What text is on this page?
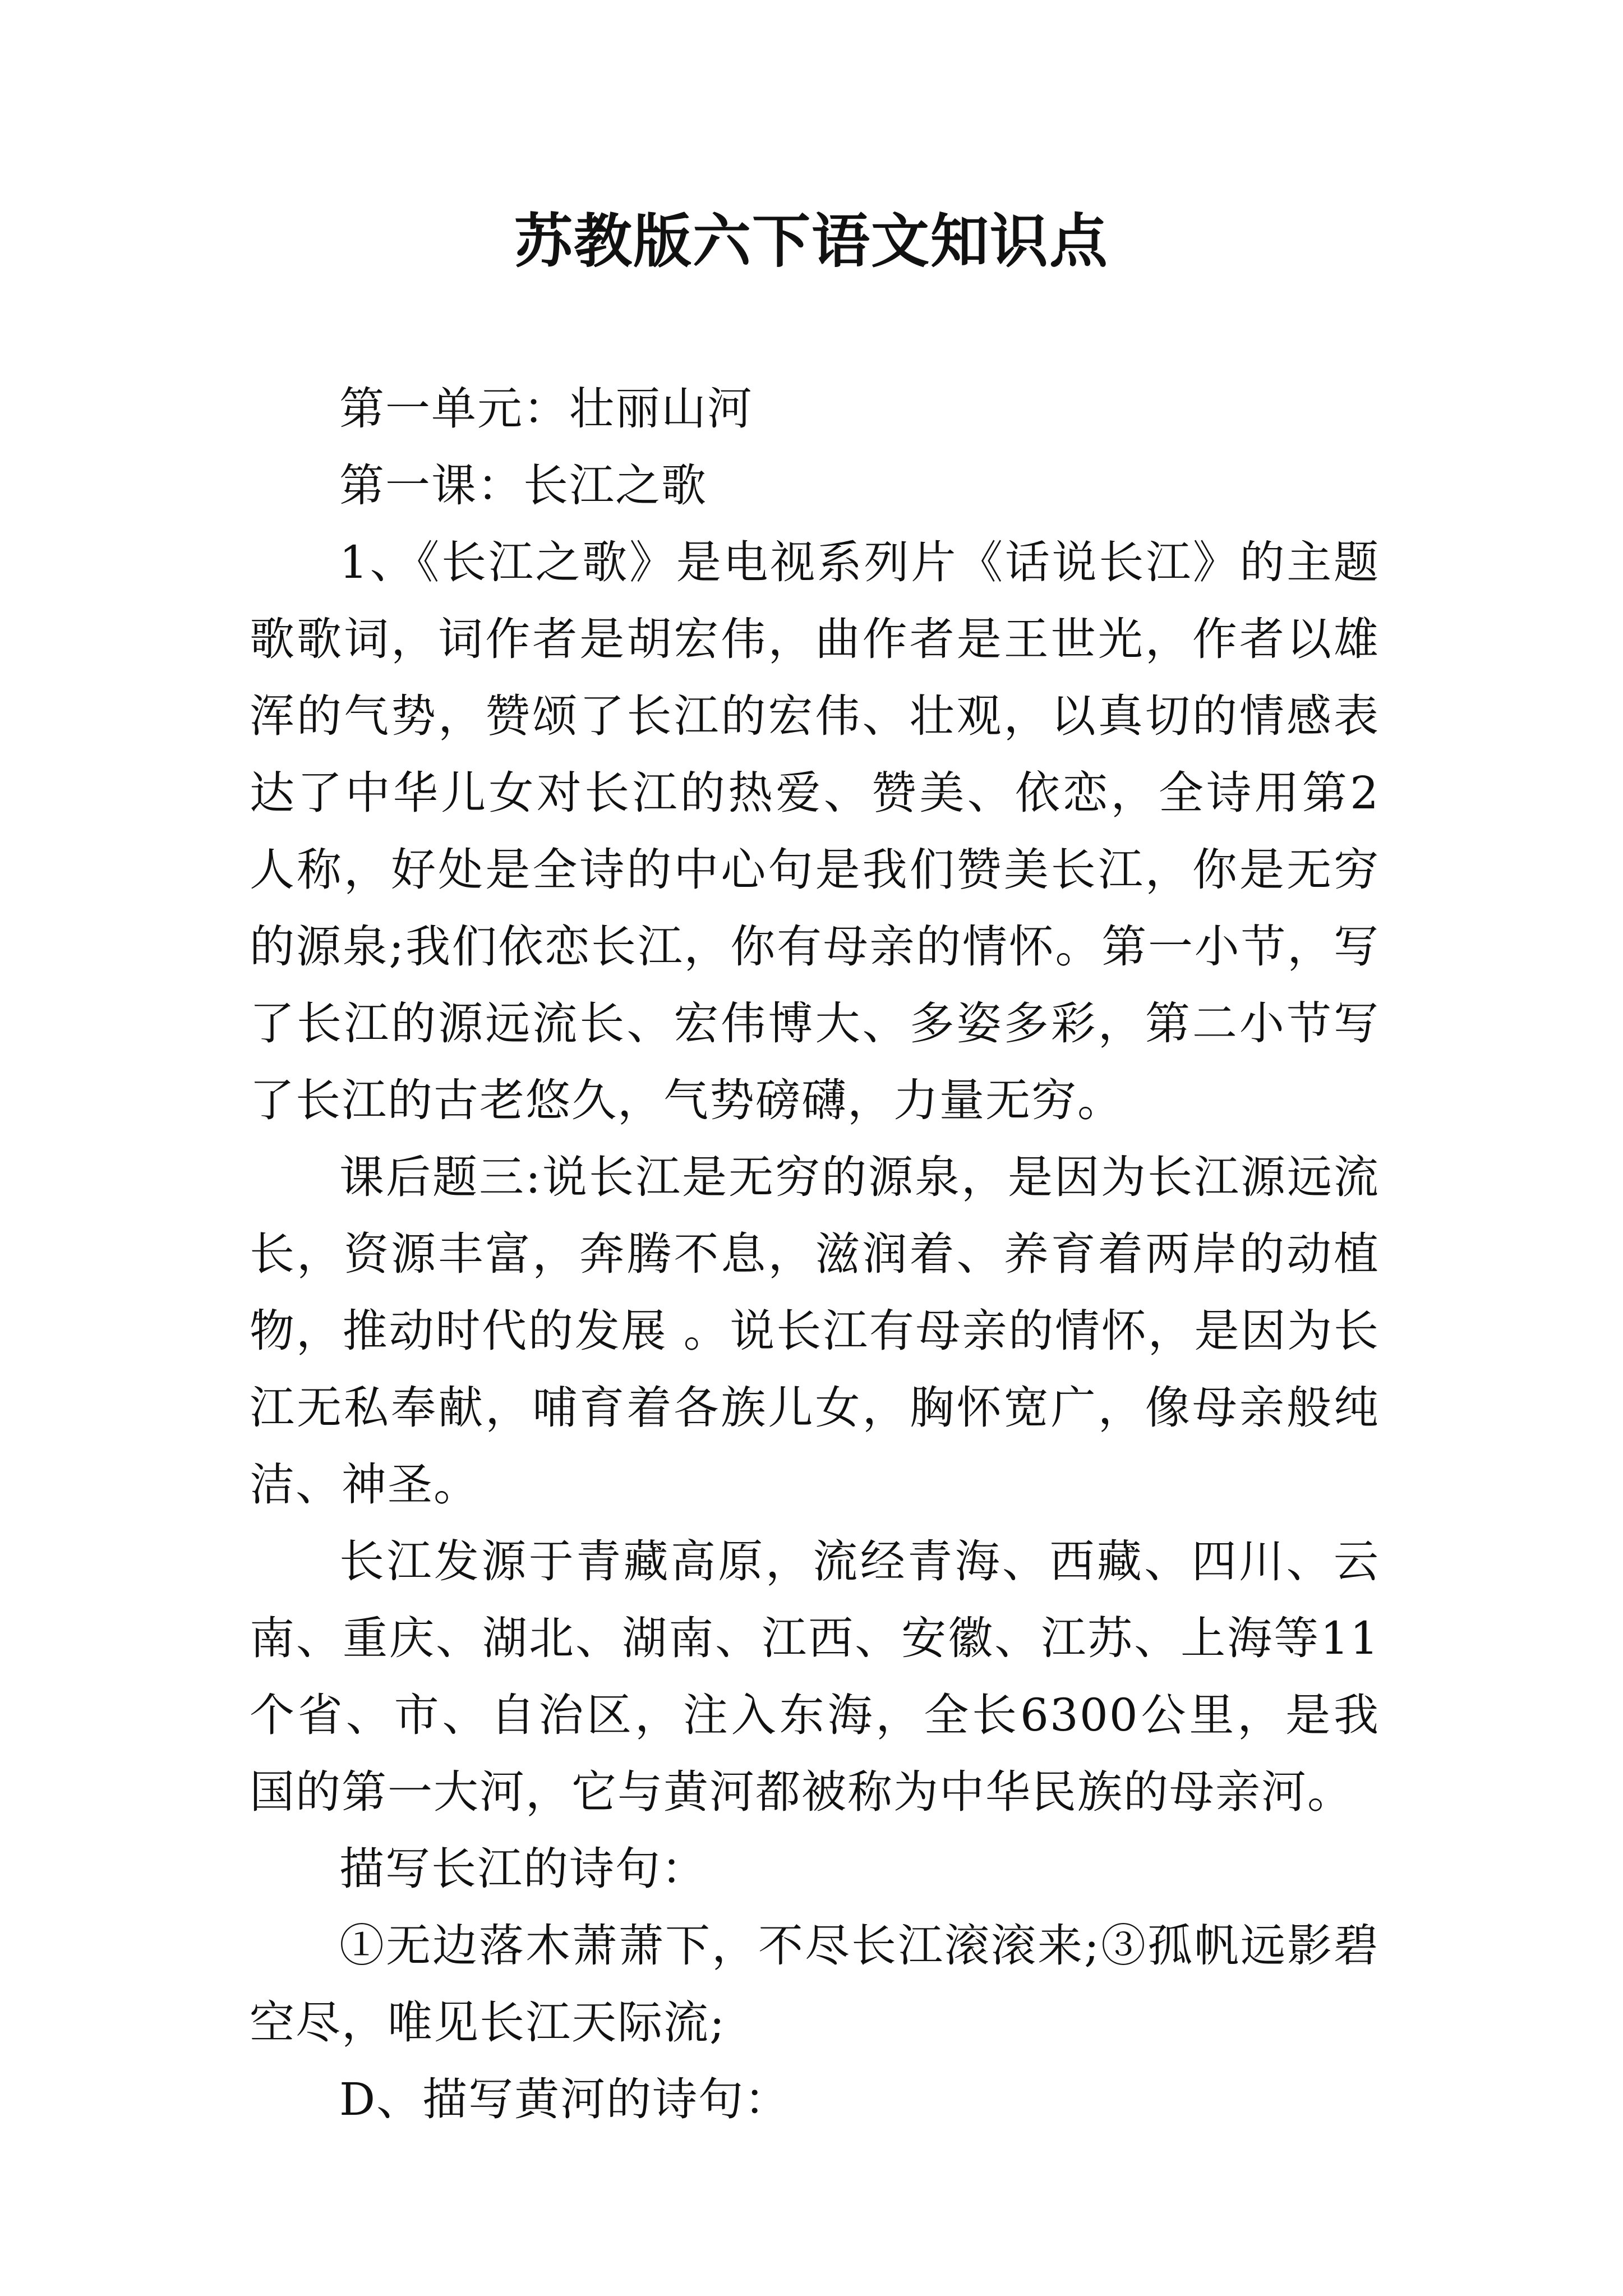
苏教版六下语文知识点

第一单元：壮丽山河

第一课：长江之歌

1、《长江之歌》是电视系列片《话说长江》的主题歌歌词，词作者是胡宏伟，曲作者是王世光，作者以雄浑的气势，赞颂了长江的宏伟、壮观，以真切的情感表达了中华儿女对长江的热爱、赞美、依恋，全诗用第2人称，好处是全诗的中心句是我们赞美长江，你是无穷的源泉;我们依恋长江，你有母亲的情怀。第一小节，写了长江的源远流长、宏伟博大、多姿多彩，第二小节写了长江的古老悠久，气势磅礴，力量无穷。

课后题三:说长江是无穷的源泉，是因为长江源远流长，资源丰富，奔腾不息，滋润着、养育着两岸的动植物，推动时代的发展 。说长江有母亲的情怀，是因为长江无私奉献，哺育着各族儿女，胸怀宽广，像母亲般纯洁、神圣。

长江发源于青藏高原，流经青海、西藏、四川、云南、重庆、湖北、湖南、江西、安徽、江苏、上海等11个省、市、自治区，注入东海，全长6300公里，是我国的第一大河，它与黄河都被称为中华民族的母亲河。

描写长江的诗句：

①无边落木萧萧下，不尽长江滚滚来;③孤帆远影碧空尽，唯见长江天际流;

D、描写黄河的诗句：
